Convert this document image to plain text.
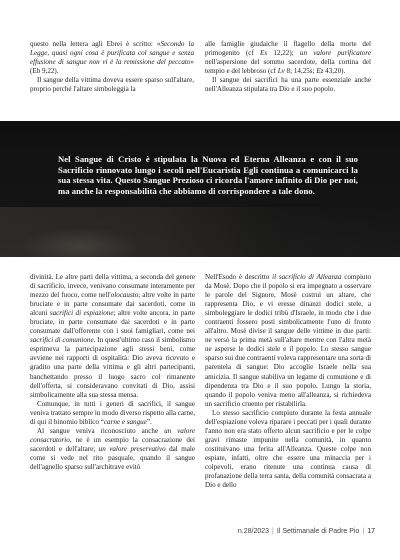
questo nella lettera agli Ebrei è scritto: «Secondo la Legge, quasi ogni cosa è purificata col sangue e senza effusione di sangue non vi è la remissione del peccato» (Eb 9,22).

Il sangue della vittima doveva essere sparso sull'altare, proprio perché l'altare simboleggia la

alle famiglie giudaiche il flagello della morte del primogenito (cf Es 12,22); un valore purificatore nell'aspersione del sommo sacerdote, della cortina del tempio e del lebbroso (cf Lv 8; 14,25s; Ez 43,20).

Il sangue dei sacrifici ha una parte essenziale anche nell'Alleanza stipulata tra Dio e il suo popolo.

Nel Sangue di Cristo è stipulata la Nuova ed Eterna Alleanza e con il suo Sacrificio rinnovato lungo i secoli nell'Eucaristia Egli continua a comunicarci la sua stessa vita. Questo Sangue Prezioso ci ricorda l'amore infinito di Dio per noi, ma anche la responsabilità che abbiamo di corrispondere a tale dono.

divinità. Le altre parti della vittima, a seconda del genere di sacrificio, invece, venivano consumate interamente per mezzo del fuoco, come nell'olocausto; altre volte in parte bruciate e in parte consumate dai sacerdoti, come in alcuni sacrifici di espiazione; altre volte ancora, in parte bruciate, in parte consumate dai sacerdoti e in parte consumate dall'offerente con i suoi famigliari, come nei sacrifici di comunione. In quest'ultimo caso il simbolismo esprimeva la partecipazione agli stessi beni, come avviene nei rapporti di ospitalità: Dio aveva ricevuto e gradito una parte della vittima e gli altri partecipanti, banchettando presso il luogo sacro col rimanente dell'offerta, si consideravano convitati di Dio, assisi simbolicamente alla sua stessa mensa.

Comunque, in tutti i generi di sacrifici, il sangue veniva trattato sempre in modo diverso rispetto alla carne, di qui il binomio biblico “carne e sangue”.

Al sangue veniva riconosciuto anche un valore consacratorio, ne è un esempio la consacrazione dei sacerdoti e dell'altare; un valore preservativo dal male come si vede nel rito pasquale, quando il sangue dell'agnello sparso sull'architrave evitò

Nell'Esodo è descritto il sacrificio di Alleanza compiuto da Mosè. Dopo che il popolo si era impegnato a osservare le parole del Signore, Mosè costruì un altare, che rappresenta Dio, e vi eresse dinanzi dodici stele, a simboleggiare le dodici tribù d'Israele, in modo che i due contraenti fossero posti simbolicamente l'uno di fronte all'altro. Mosè divise il sangue delle vittime in due parti: ne versò la prima metà sull'altare mentre con l'altra metà ne asperse le dodici stele e il popolo. Lo stesso sangue sparso sui due contraenti voleva rappresentare una sorta di parentela di sangue: Dio accoglie Israele nella sua amicizia. Il sangue stabiliva un legame di comunione e di dipendenza tra Dio e il suo popolo. Lungo la storia, quando il popolo veniva meno all'alleanza, si richiedeva un sacrificio cruento per ristabilirla.

Lo stesso sacrificio compiuto durante la festa annuale dell'espiazione voleva riparare i peccati per i quali durante l'anno non era stato offerto alcun sacrificio e per le colpe gravi rimaste impunite nella comunità, in quanto costituivano una ferita all'Alleanza. Queste colpe non espiate, infatti, oltre che essere una minaccia per i colpevoli, erano ritenute una continua causa di profanazione della terra santa, della comunità consacrata a Dio e dello

n.28/2023 | Il Settimanale di Padre Pio | 17
